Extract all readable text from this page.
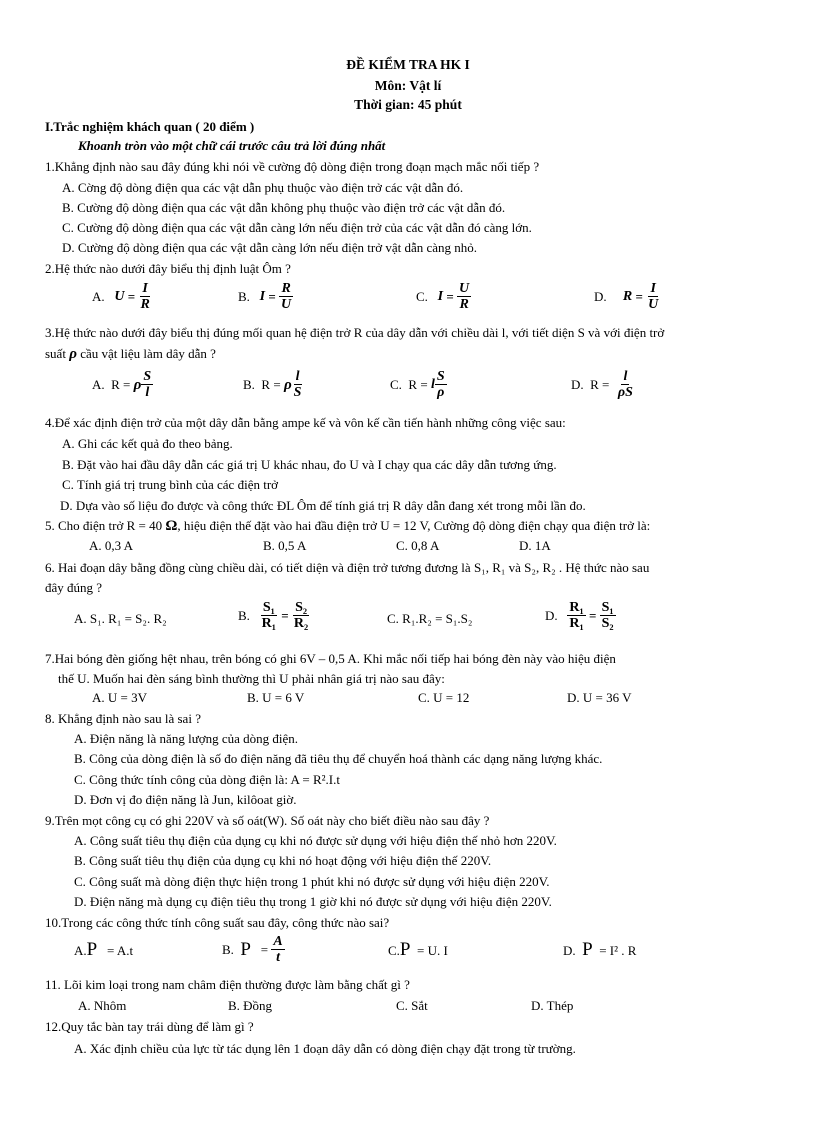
ĐỀ KIỂM TRA HK I
Môn: Vật lí
Thời gian: 45 phút
I.Trắc nghiệm khách quan ( 20 điểm )
Khoanh tròn vào một chữ cái trước câu trả lời đúng nhất
1.Khẳng định nào sau đây đúng khi nói về cường độ dòng điện trong đoạn mạch mắc nối tiếp ?
A. Cờng độ dòng điện qua các vật dẫn phụ thuộc vào điện trở các vật dẫn đó.
B. Cường độ dòng điện qua các vật dẫn không phụ thuộc vào điện trở các vật dẫn đó.
C. Cường độ dòng điện qua các vật dẫn càng lớn nếu điện trở của các vật dẫn đó càng lớn.
D. Cường độ dòng điện qua các vật dẫn càng lớn nếu điện trở vật dẫn càng nhỏ.
2.Hệ thức nào dưới đây biểu thị định luật Ôm ?
A.
U
=
$\frac{I}{R}$	B.
I
=
$\frac{R}{U}$	C.
I
=
$\frac{U}{R}$	D.
R
=
$\frac{I}{U}$
3.Hệ thức nào dưới đây biểu thị đúng mối quan hệ điện trở R của dây dẫn với chiều dài l, với tiết diện S và với điện trở
suất ρ cầu vật liệu làm dây dẫn ?
A.
R =
ρ $\frac{S}{l}$	B.
R =
ρ $\frac{l}{S}$	C.
R =
l $\frac{S}{\rho}$	D.
R =
$\frac{l}{\rho S}$
4.Để xác định điện trở của một dây dẫn bằng ampe kế và vôn kế cần tiến hành những công việc sau:
A. Ghi các kết quả đo theo bảng.
B. Đặt vào hai đầu dây dẫn các giá trị U khác nhau, đo U và I chạy qua các dây dẫn tương ứng.
C. Tính giá trị trung bình của các điện trở
D. Dựa vào số liệu đo được và công thức ĐL Ôm để tính giá trị R dây dẫn đang xét trong mỗi lần đo.
5. Cho điện trở R = 40 Ω, hiệu điện thế đặt vào hai đầu điện trở U = 12 V, Cường độ dòng điện chạy qua điện trở là:
A. 0,3 A	B. 0,5 A	C. 0,8 A	D. 1A
6. Hai đoạn dây bằng đồng cùng chiều dài, có tiết diện và điện trở tương đương là S₁, R₁ và S₂, R₂ . Hệ thức nào sau
đây đúng ?
A. S₁. R₁ = S₂. R₂	B.
$\frac{\text{S₁}}{\text{R₁}}$
=
$\frac{\text{S₂}}{\text{R₂}}$	C. R₁.R₂ = S₁.S₂	D.
$\frac{\text{R₁}}{\text{R₁}}$
=
$\frac{\text{S₁}}{\text{S₂}}$
7.Hai bóng đèn giống hệt nhau, trên bóng có ghi 6V – 0,5 A. Khi mắc nối tiếp hai bóng đèn này vào hiệu điện
thế U. Muốn hai đèn sáng bình thường thì U phải nhân giá trị nào sau đây:
A. U = 3V	B. U = 6 V	C. U = 12	D. U = 36 V
8. Khẳng định nào sau là sai ?
A. Điện năng là năng lượng của dòng điện.
B. Công của dòng điện là số đo điện năng đã tiêu thụ để chuyển hoá thành các dạng năng lượng khác.
C. Công thức tính công của dòng điện là: A = R².I.t
D. Đơn vị đo điện năng là Jun, kilôoat giờ.
9.Trên mọt công cụ có ghi 220V và số oát(W). Số oát này cho biết điều nào sau đây ?
A. Công suất tiêu thụ điện của dụng cụ khi nó được sử dụng với hiệu điện thế nhỏ hơn 220V.
B. Công suất tiêu thụ điện của dụng cụ khi nó hoạt động với hiệu điện thế 220V.
C. Công suất mà dòng điện thực hiện trong 1 phút khi nó được sử dụng với hiệu điện 220V.
D. Điện năng mà dụng cụ điện tiêu thụ trong 1 giờ khi nó được sử dụng với hiệu điện 220V.
10.Trong các công thức tính công suất sau đây, công thức nào sai?
A.P = A.t	B.
P
=
$\frac{A}{t}$	C.P = U. I	D. P = I² . R
11. Lõi kim loại trong nam châm điện thường được làm bằng chất gì ?
A. Nhôm	B. Đồng	C. Sắt	D. Thép
12.Quy tắc bàn tay trái dùng để làm gì ?
A. Xác định chiều của lực từ tác dụng lên 1 đoạn dây dẫn có dòng điện chạy đặt trong từ trường.
